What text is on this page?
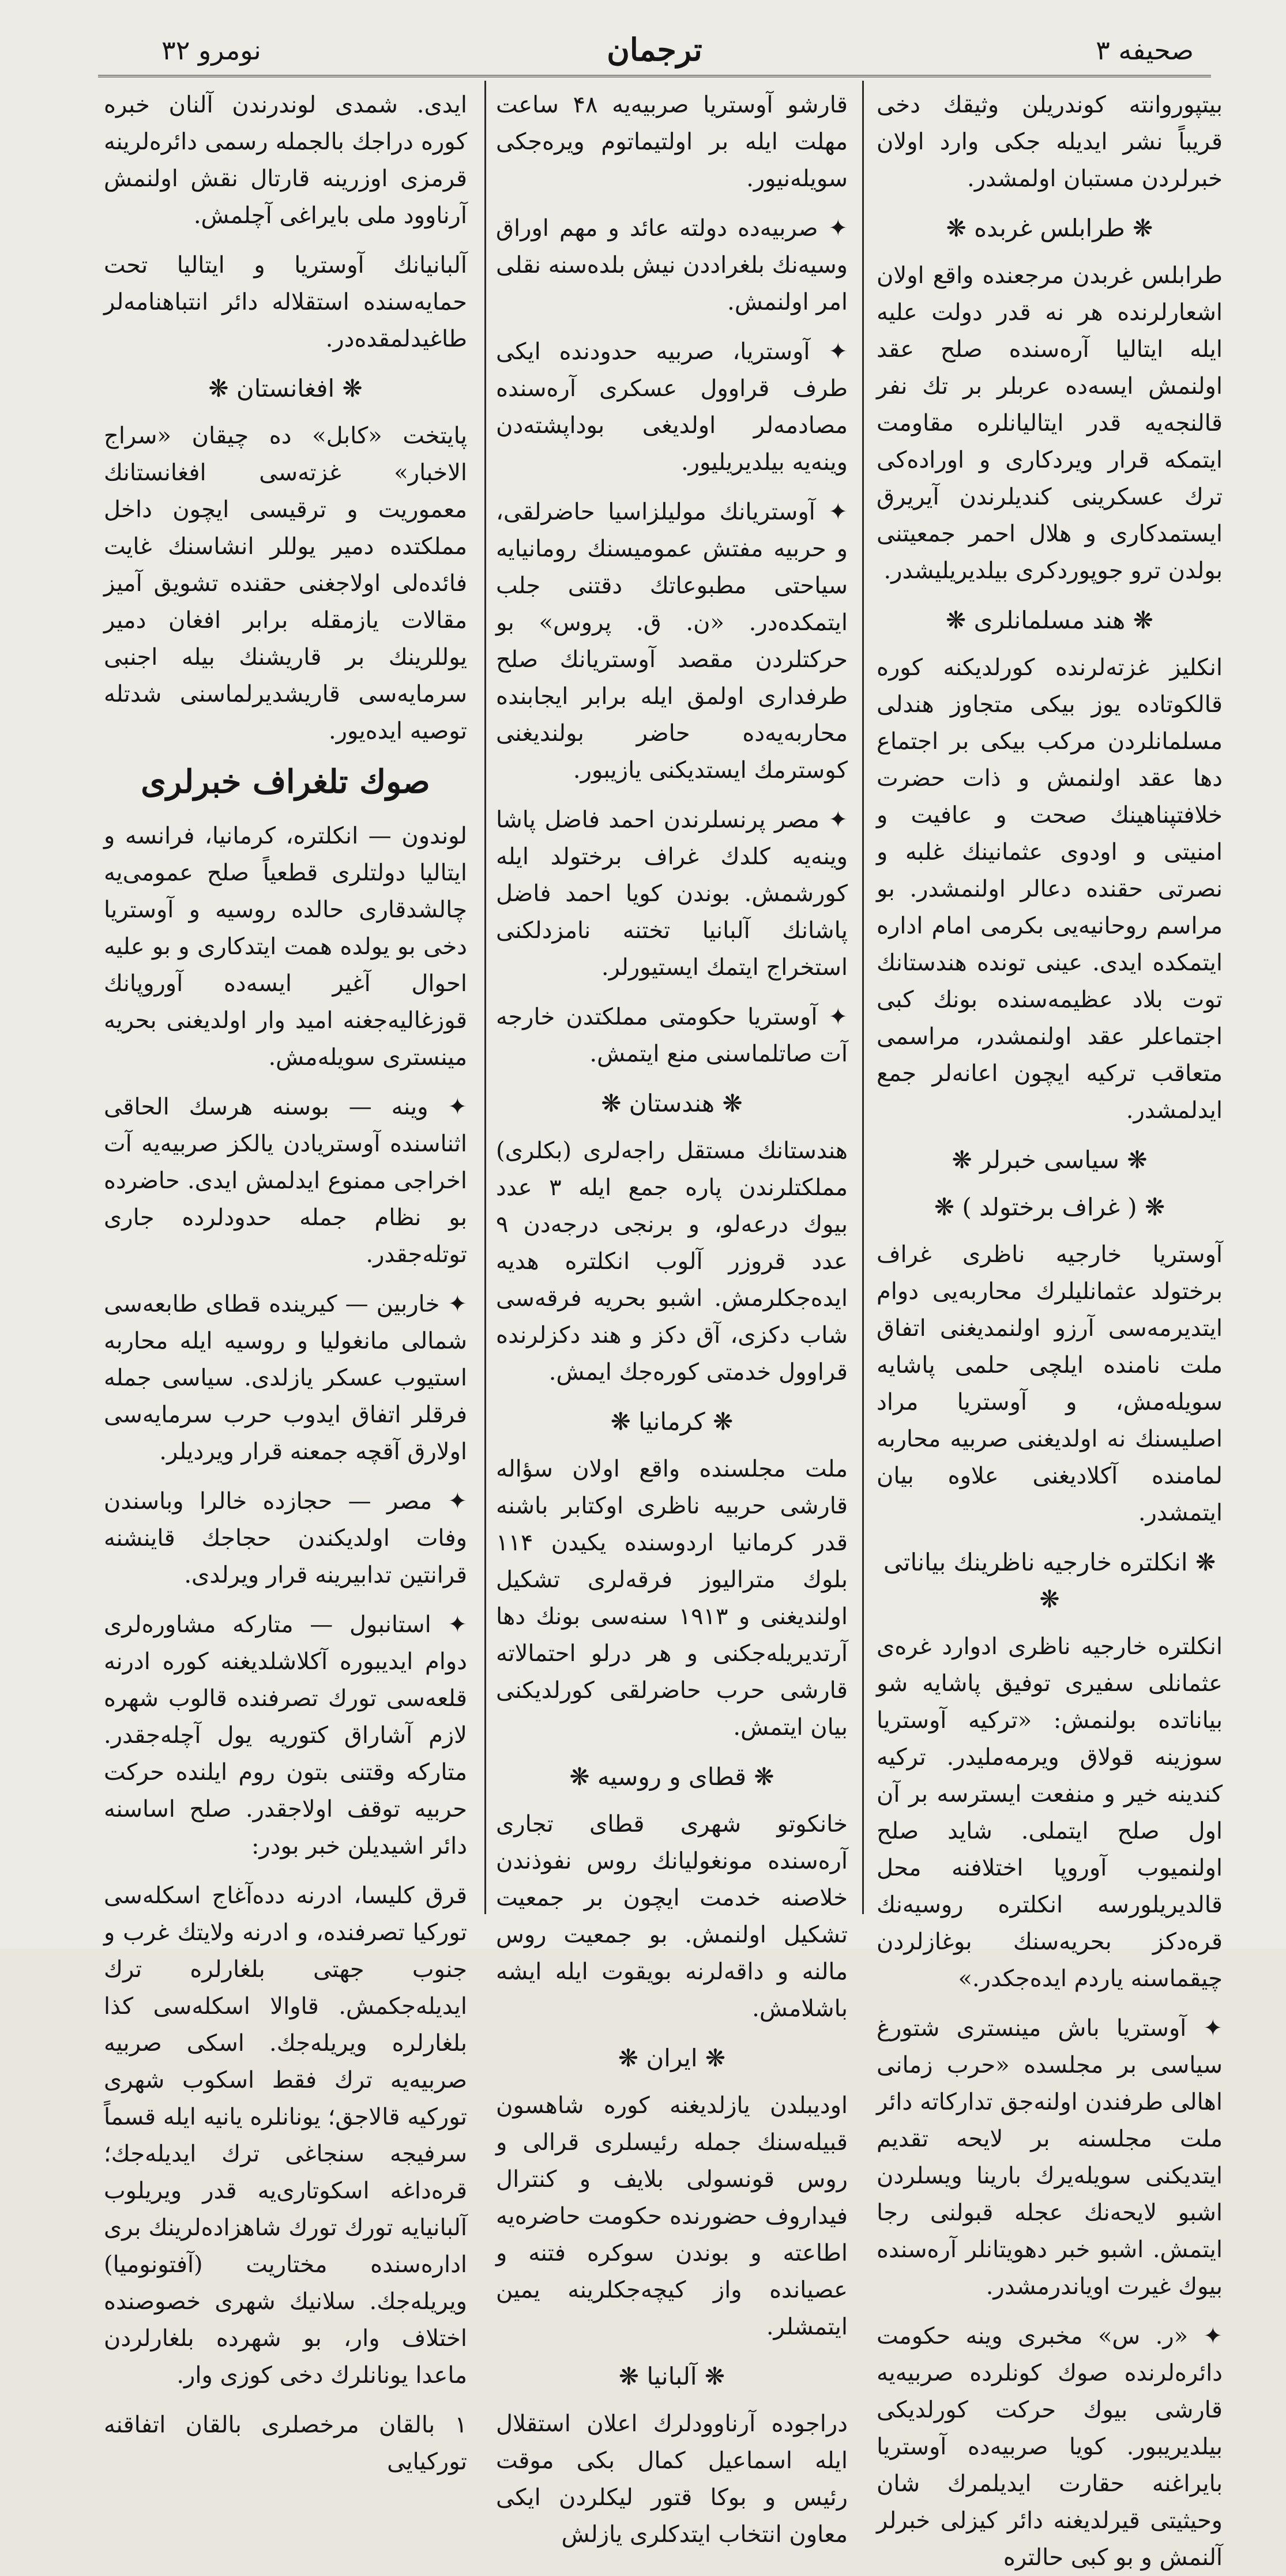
صحیفه ۳
ترجمان
نومرو ۳۲

بیتپوروانته کوندریلن وثیقك دخی قریباً نشر ایدیله جکی وارد اولان خبرلردن مستبان اولمشدر.

❋ طرابلس غربده ❋

طرابلس غربدن مرجعنده واقع اولان اشعارلرنده هر نه قدر دولت علیه ایله ایتالیا آره‌سنده صلح عقد اولنمش ایسه‌ده عربلر بر تك نفر قالنجه‌یه قدر ایتالیانلره مقاومت ایتمکه قرار ویردکاری و اوراده‌کی ترك عسکرینی کندیلرندن آیریرق ایستمدکاری و هلال احمر جمعیتنی بولدن ترو جوپوردکری بیلدیریلیشدر.

❋ هند مسلمانلری ❋

انکلیز غزته‌لرنده کورلدیکنه کوره قالکوتاده یوز بیکی متجاوز هندلی مسلمانلردن مرکب بیکی بر اجتماع دها عقد اولنمش و ذات حضرت خلافتپناهینك صحت و عافیت و امنیتی و اودوی عثمانینك غلبه و نصرتی حقنده دعالر اولنمشدر. بو مراسم روحانیه‌یی بکرمی امام اداره ایتمکده ایدی. عینی تونده هندستانك توت بلاد عظیمه‌سنده بونك کبی اجتماعلر عقد اولنمشدر، مراسمی متعاقب ترکیه ایچون اعانه‌لر جمع ایدلمشدر.

❋ سیاسی خبرلر ❋
❋ ( غراف برختولد ) ❋

آوستریا خارجیه ناظری غراف برختولد عثمانلیلرك محاربه‌یی دوام ایتدیرمه‌سی آرزو اولنمدیغنی اتفاق ملت نامنده ایلچی حلمی پاشایه سویله‌مش، و آوستریا مراد اصلیسنك نه اولدیغنی صربیه محاربه لمامنده آکلادیغنی علاوه بیان ایتمشدر.

❋ انکلتره خارجیه ناظرینك بیاناتی ❋

انکلتره خارجیه ناظری ادوارد غره‌ی عثمانلی سفیری توفیق پاشایه شو بیاناتده بولنمش: «ترکیه آوستریا سوزینه قولاق ویرمه‌ملیدر. ترکیه کندینه خیر و منفعت ایسترسه بر آن اول صلح ایتملی. شاید صلح اولنمیوب آوروپا اختلافنه محل قالدیریلورسه انکلتره روسیه‌نك قره‌دکز بحریه‌سنك بوغازلردن چیقماسنه یاردم ایده‌جکدر.»

✦ آوستریا باش مینستری شتورغ سیاسی بر مجلسده «حرب زمانی اهالی طرفندن اولنه‌جق تدارکاته دائر ملت مجلسنه بر لایحه تقدیم ایتدیکنی سویله‌یرك بارینا ویسلردن اشبو لایحه‌نك عجله قبولنی رجا ایتمش. اشبو خبر دهویتانلر آره‌سنده بیوك غیرت اویاندرمشدر.

✦ «ر. س» مخبری وینه حکومت دائره‌لرنده صوك کونلرده صربیه‌یه قارشی بیوك حرکت کورلدیکی بیلدیریبور. کویا صربیه‌ده آوستریا بایراغنه حقارت ایدیلمرك شان وحیثیتی قیرلدیغنه دائر کیزلی خبرلر آلنمش و بو کبی حالتره

قارشو آوستریا صربیه‌یه ۴۸ ساعت مهلت ایله بر اولتیماتوم ویره‌جکی سویله‌نیور.

✦ صربیه‌ده دولته عائد و مهم اوراق وسیه‌نك بلغراددن نیش بلده‌سنه نقلی امر اولنمش.

✦ آوستریا، صربیه حدودنده ایکی طرف قراوول عسکری آره‌سنده مصادمه‌لر اولدیغی بوداپشته‌دن وینه‌یه بیلدیریلیور.

✦ آوستریانك مولیلزاسیا حاضرلقی، و حربیه مفتش عمومیسنك رومانیایه سیاحتی مطبوعاتك دقتنی جلب ایتمکده‌در. «ن. ق. پروس» بو حرکتلردن مقصد آوستریانك صلح طرفداری اولمق ایله برابر ایجابنده محاربه‌یه‌ده حاضر بولندیغنی کوسترمك ایستدیکنی یازیبور.

✦ مصر پرنسلرندن احمد فاضل پاشا وینه‌یه کلدك غراف برختولد ایله کورشمش. بوندن کویا احمد فاضل پاشانك آلبانیا تختنه نامزدلکنی استخراج ایتمك ایستیورلر.

✦ آوستریا حکومتی مملکتدن خارجه آت صاتلماسنی منع ایتمش.

❋ هندستان ❋

هندستانك مستقل راجه‌لری (بکلری) مملکتلرندن پاره جمع ایله ۳ عدد بیوك درعه‌لو، و برنجی درجه‌دن ۹ عدد قروزر آلوب انکلتره هدیه ایده‌جکلرمش. اشبو بحریه فرقه‌سی شاب دکزی، آق دکز و هند دکزلرنده قراوول خدمتی کوره‌جك ایمش.

❋ کرمانیا ❋

ملت مجلسنده واقع اولان سؤاله قارشی حربیه ناظری اوکتابر باشنه قدر کرمانیا اردوسنده یکیدن ۱۱۴ بلوك مترالیوز فرقه‌لری تشکیل اولندیغنی و ۱۹۱۳ سنه‌سی بونك دها آرتدیریله‌جکنی و هر درلو احتمالاته قارشی حرب حاضرلقی کورلدیکنی بیان ایتمش.

❋ قطای و روسیه ❋

خانکوتو شهری قطای تجاری آره‌سنده مونغولیا‌نك روس نفوذندن خلاصنه خدمت ایچون بر جمعیت تشکیل اولنمش. بو جمعیت روس مالنه و داقه‌لرنه بویقوت ایله ایشه باشلامش.

❋ ایران ❋

اودیبلدن یازلدیغنه کوره شاهسون قبیله‌سنك جمله رئیسلری قرالی و روس قونسولی بلایف و کنترال فیداروف حضورنده حکومت حاضره‌یه اطاعته و بوندن سوکره فتنه و عصیانده واز کیچه‌جکلرینه یمین ایتمشلر.

❋ آلبانیا ❋

دراجوده آرناوودلرك اعلان استقلال ایله اسماعیل کمال بکی موقت رئیس و بوکا قتور لیکلردن ایکی معاون انتخاب ایتدکلری یازلش

ایدی. شمدی لوندرندن آلنان خبره کوره دراجك بالجمله رسمی دائره‌لرینه قرمزی اوزرینه قارتال نقش اولنمش آرناوود ملی بایراغی آچلمش.

آلبانیانك آوستریا و ایتالیا تحت حمایه‌سنده استقلاله دائر انتباهنامه‌لر طاغیدلمقده‌در.

❋ افغانستان ❋

پایتخت «کابل» ده چیقان «سراج الاخبار» غزته‌سی افغانستانك معموریت و ترقیسی ایچون داخل مملکتده دمیر یوللر انشاسنك غایت فائده‌لی اولاجغنی حقنده تشویق آمیز مقالات یازمقله برابر افغان دمیر یوللرینك بر قاریشنك بیله اجنبی سرمایه‌سی قاریشدیرلماسنی شدتله توصیه ایده‌یور.

صوك تلغراف خبرلری

لوندون — انکلتره، کرمانیا، فرانسه و ایتالیا دولتلری قطعیاً صلح عمومی‌یه چالشدقاری حالده روسیه و آوستریا دخی بو یولده همت ایتدکاری و بو علیه احوال آغیر ایسه‌ده آوروپانك قوزغالیه‌جغنه امید وار اولدیغنی بحریه مینستری سویله‌مش.

✦ وینه — بوسنه هرسك الحاقی اثناسنده آوستریادن یالکز صربیه‌یه آت اخراجی ممنوع ایدلمش ایدی. حاضرده بو نظام جمله حدودلرده جاری توتله‌جقدر.

✦ خاربین — کیرینده قطای طابعه‌سی شمالی مانغولیا و روسیه ایله محاربه استیوب عسکر یازلدی. سیاسی جمله فرقلر اتفاق ایدوب حرب سرمایه‌سی اولارق آقچه جمعنه قرار ویردیلر.

✦ مصر — حجازده خالرا وباسندن وفات اولدیکندن حجاجك قاینشنه قرانتین تدابیرینه قرار ویرلدی.

✦ استانبول — متارکه مشاوره‌لری دوام ایدیبوره آکلاشلدیغنه کوره ادرنه قلعه‌سی تورك تصرفنده قالوب شهره لازم آشاراق کتوریه یول آچله‌جقدر. متارکه وقتنی بتون روم ایلنده حرکت حربیه توقف اولاجقدر. صلح اساسنه دائر اشیدیلن خبر بودر:

قرق کلیسا، ادرنه دده‌آغاج اسکله‌سی تورکیا تصرفنده، و ادرنه ولایتك غرب و جنوب جهتی بلغارلره ترك ایدیله‌جکمش. قاوالا اسکله‌سی کذا بلغارلره ویریله‌جك. اسکی صربیه صربیه‌یه ترك فقط اسکوب شهری تورکیه قالاجق؛ یونانلره یانیه ایله قسماً سرفیجه سنجاغی ترك ایدیله‌جك؛ قره‌داغه اسکوتاری‌یه قدر ویریلوب آلبانیایه تورك تورك شاهزاده‌لرینك بری اداره‌سنده مختاریت (آفتونومیا) ویریله‌جك. سلانیك شهری خصوصنده اختلاف وار، بو شهرده بلغارلردن ماعدا یونانلرك دخی کوزی وار.

۱ بالقان مرخصلری بالقان اتفاقنه تورکیایی
